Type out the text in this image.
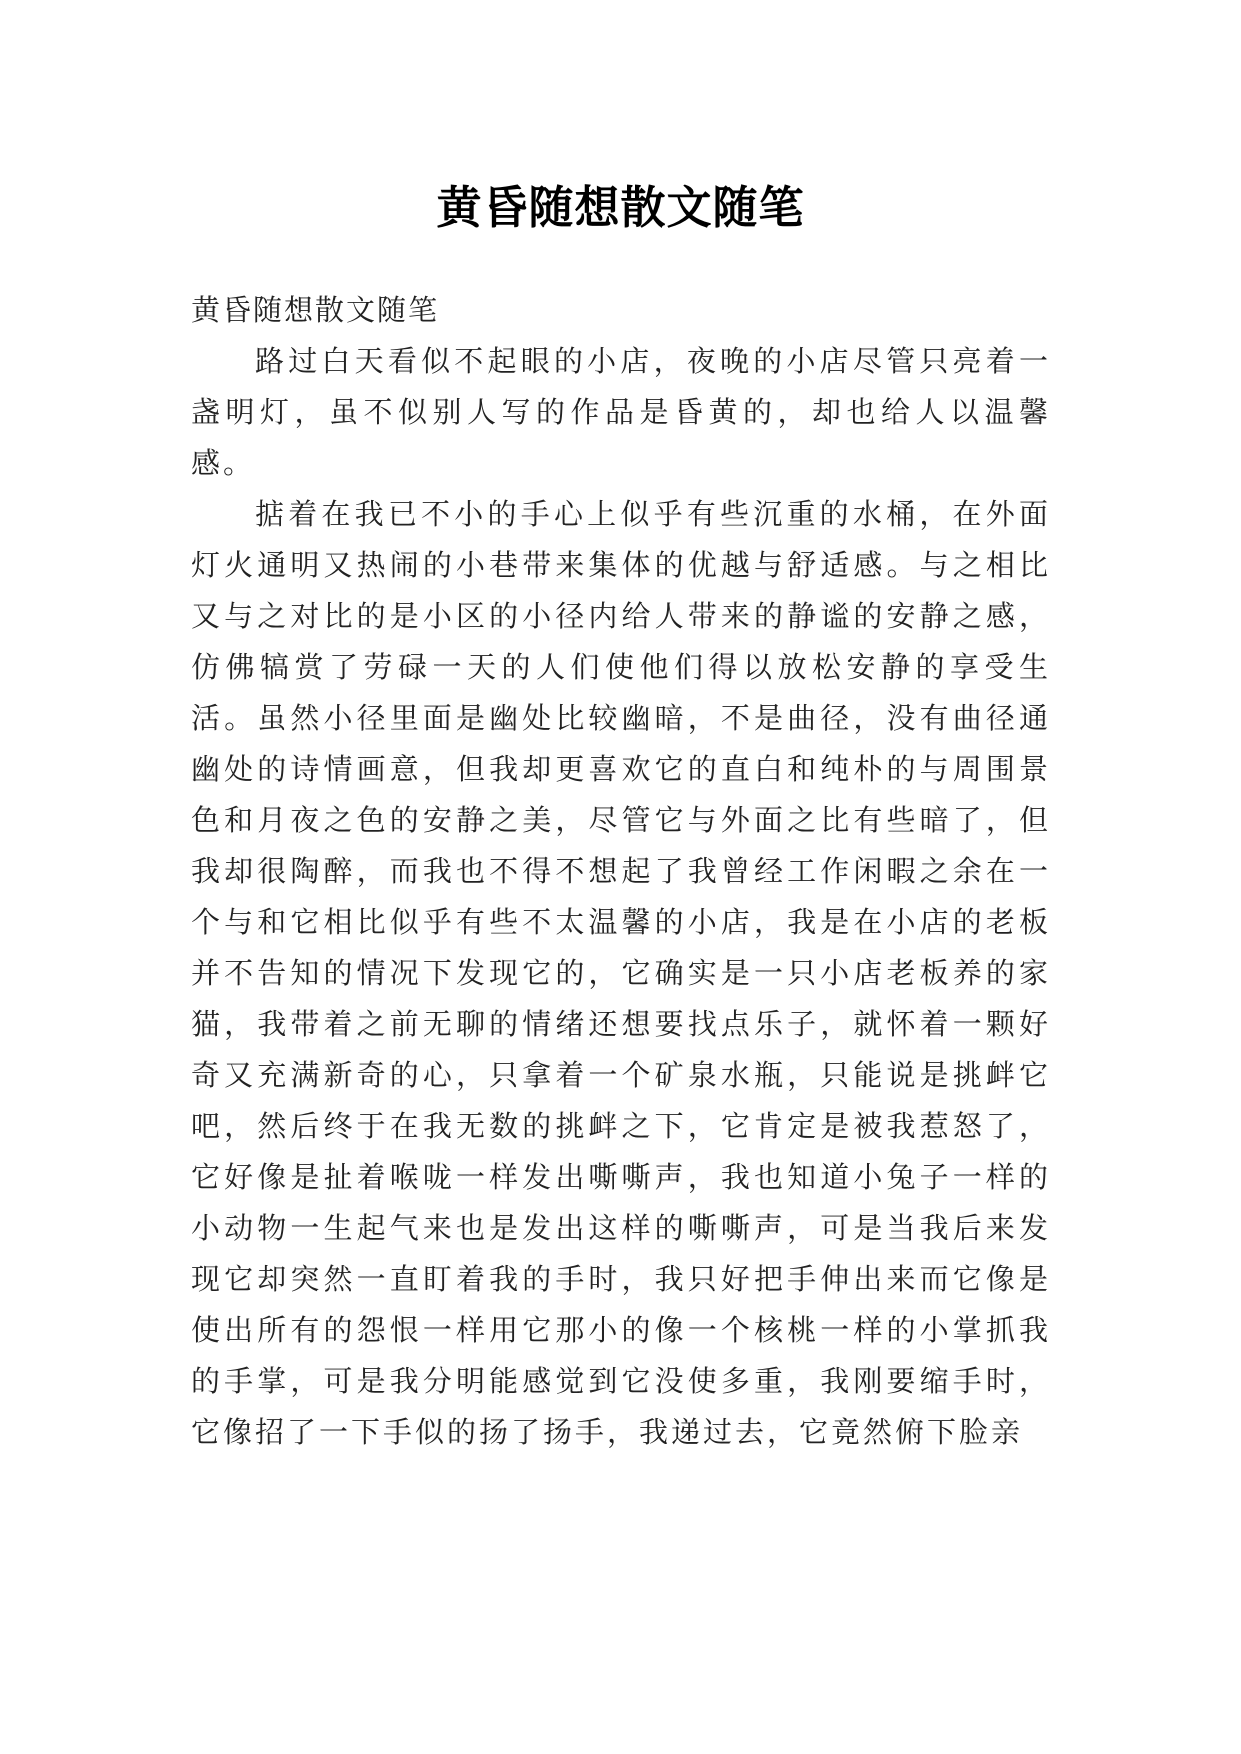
黄昏随想散文随笔

黄昏随想散文随笔

路过白天看似不起眼的小店，夜晚的小店尽管只亮着一盏明灯，虽不似别人写的作品是昏黄的，却也给人以温馨感。

掂着在我已不小的手心上似乎有些沉重的水桶，在外面灯火通明又热闹的小巷带来集体的优越与舒适感。与之相比又与之对比的是小区的小径内给人带来的静谧的安静之感，仿佛犒赏了劳碌一天的人们使他们得以放松安静的享受生活。虽然小径里面是幽处比较幽暗，不是曲径，没有曲径通幽处的诗情画意，但我却更喜欢它的直白和纯朴的与周围景色和月夜之色的安静之美，尽管它与外面之比有些暗了，但我却很陶醉，而我也不得不想起了我曾经工作闲暇之余在一个与和它相比似乎有些不太温馨的小店，我是在小店的老板并不告知的情况下发现它的，它确实是一只小店老板养的家猫，我带着之前无聊的情绪还想要找点乐子，就怀着一颗好奇又充满新奇的心，只拿着一个矿泉水瓶，只能说是挑衅它吧，然后终于在我无数的挑衅之下，它肯定是被我惹怒了，它好像是扯着喉咙一样发出嘶嘶声，我也知道小兔子一样的小动物一生起气来也是发出这样的嘶嘶声，可是当我后来发现它却突然一直盯着我的手时，我只好把手伸出来而它像是使出所有的怨恨一样用它那小的像一个核桃一样的小掌抓我的手掌，可是我分明能感觉到它没使多重，我刚要缩手时，它像招了一下手似的扬了扬手，我递过去，它竟然俯下脸亲
